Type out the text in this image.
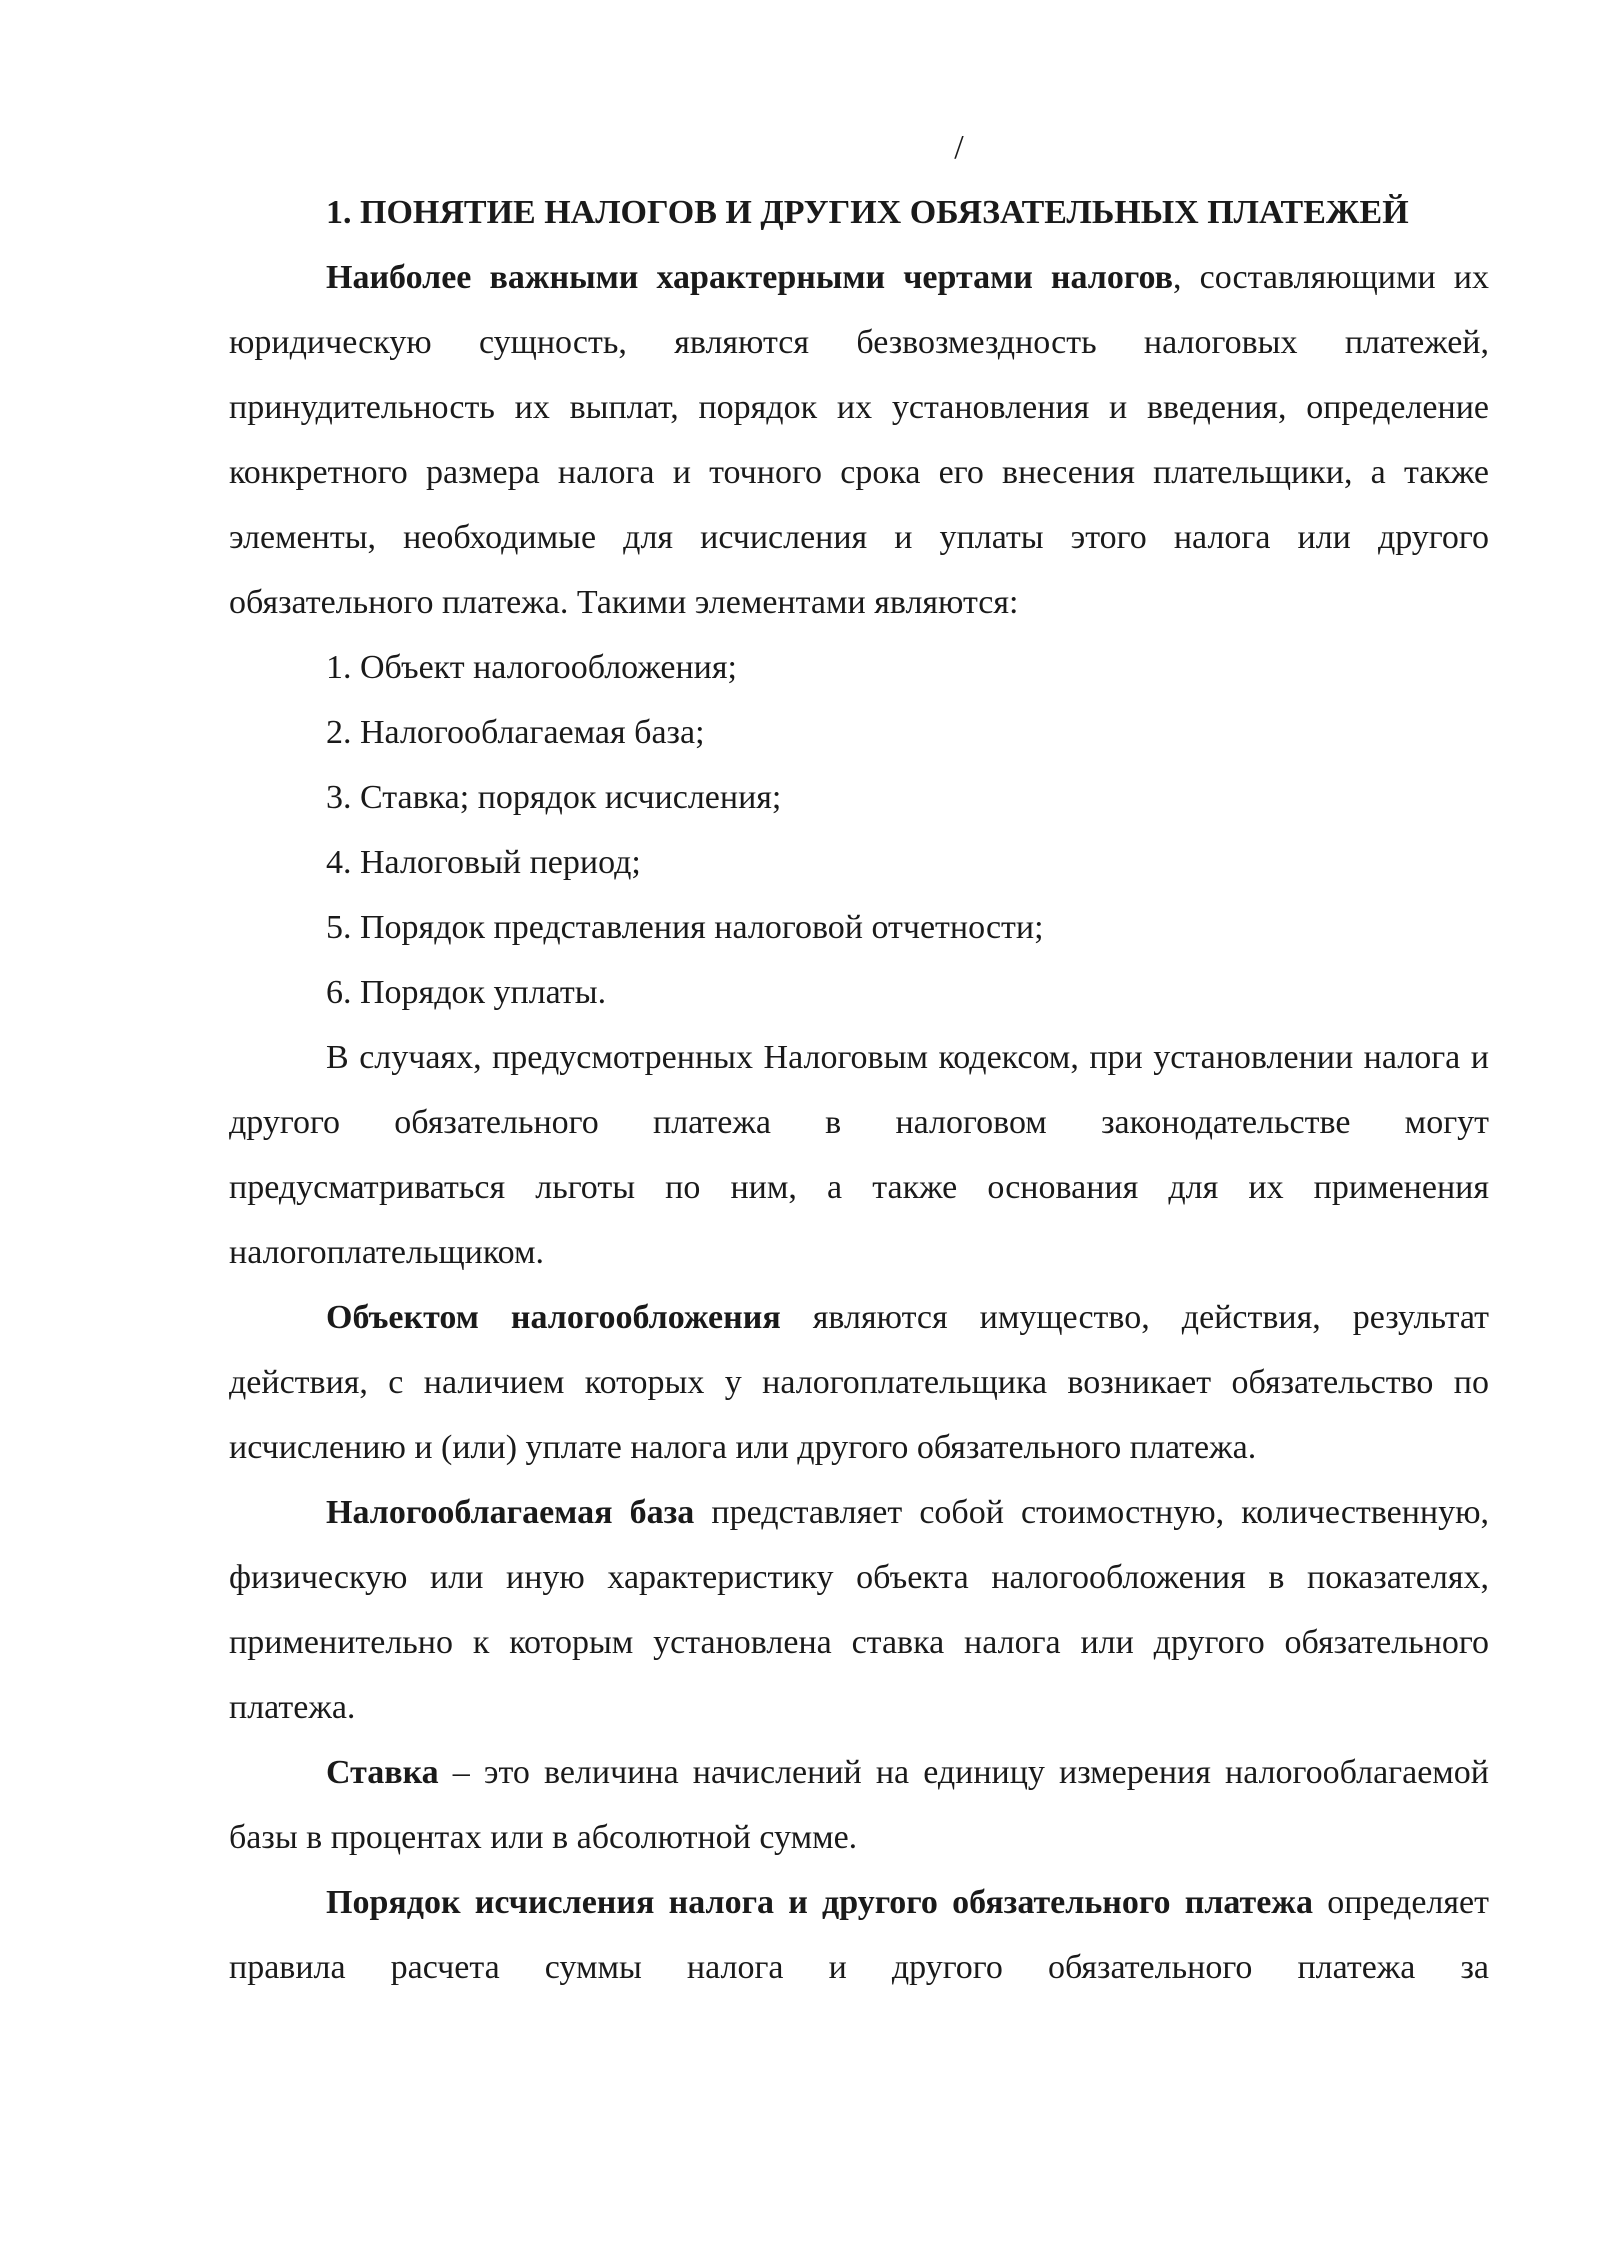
/
1. ПОНЯТИЕ НАЛОГОВ И ДРУГИХ ОБЯЗАТЕЛЬНЫХ ПЛАТЕЖЕЙ

Наиболее важными характерными чертами налогов, составляющими их юридическую сущность, являются безвозмездность налоговых платежей, принудительность их выплат, порядок их установления и введения, определение конкретного размера налога и точного срока его внесения плательщики, а также элементы, необходимые для исчисления и уплаты этого налога или другого обязательного платежа. Такими элементами являются:

1. Объект налогообложения;
2. Налогооблагаемая база;
3. Ставка; порядок исчисления;
4. Налоговый период;
5. Порядок представления налоговой отчетности;
6. Порядок уплаты.

В случаях, предусмотренных Налоговым кодексом, при установлении налога и другого обязательного платежа в налоговом законодательстве могут предусматриваться льготы по ним, а также основания для их применения налогоплательщиком.

Объектом налогообложения являются имущество, действия, результат действия, с наличием которых у налогоплательщика возникает обязательство по исчислению и (или) уплате налога или другого обязательного платежа.

Налогооблагаемая база представляет собой стоимостную, количественную, физическую или иную характеристику объекта налогообложения в показателях, применительно к которым установлена ставка налога или другого обязательного платежа.

Ставка – это величина начислений на единицу измерения налогооблагаемой базы в процентах или в абсолютной сумме.

Порядок исчисления налога и другого обязательного платежа определяет правила расчета суммы налога и другого обязательного платежа за
